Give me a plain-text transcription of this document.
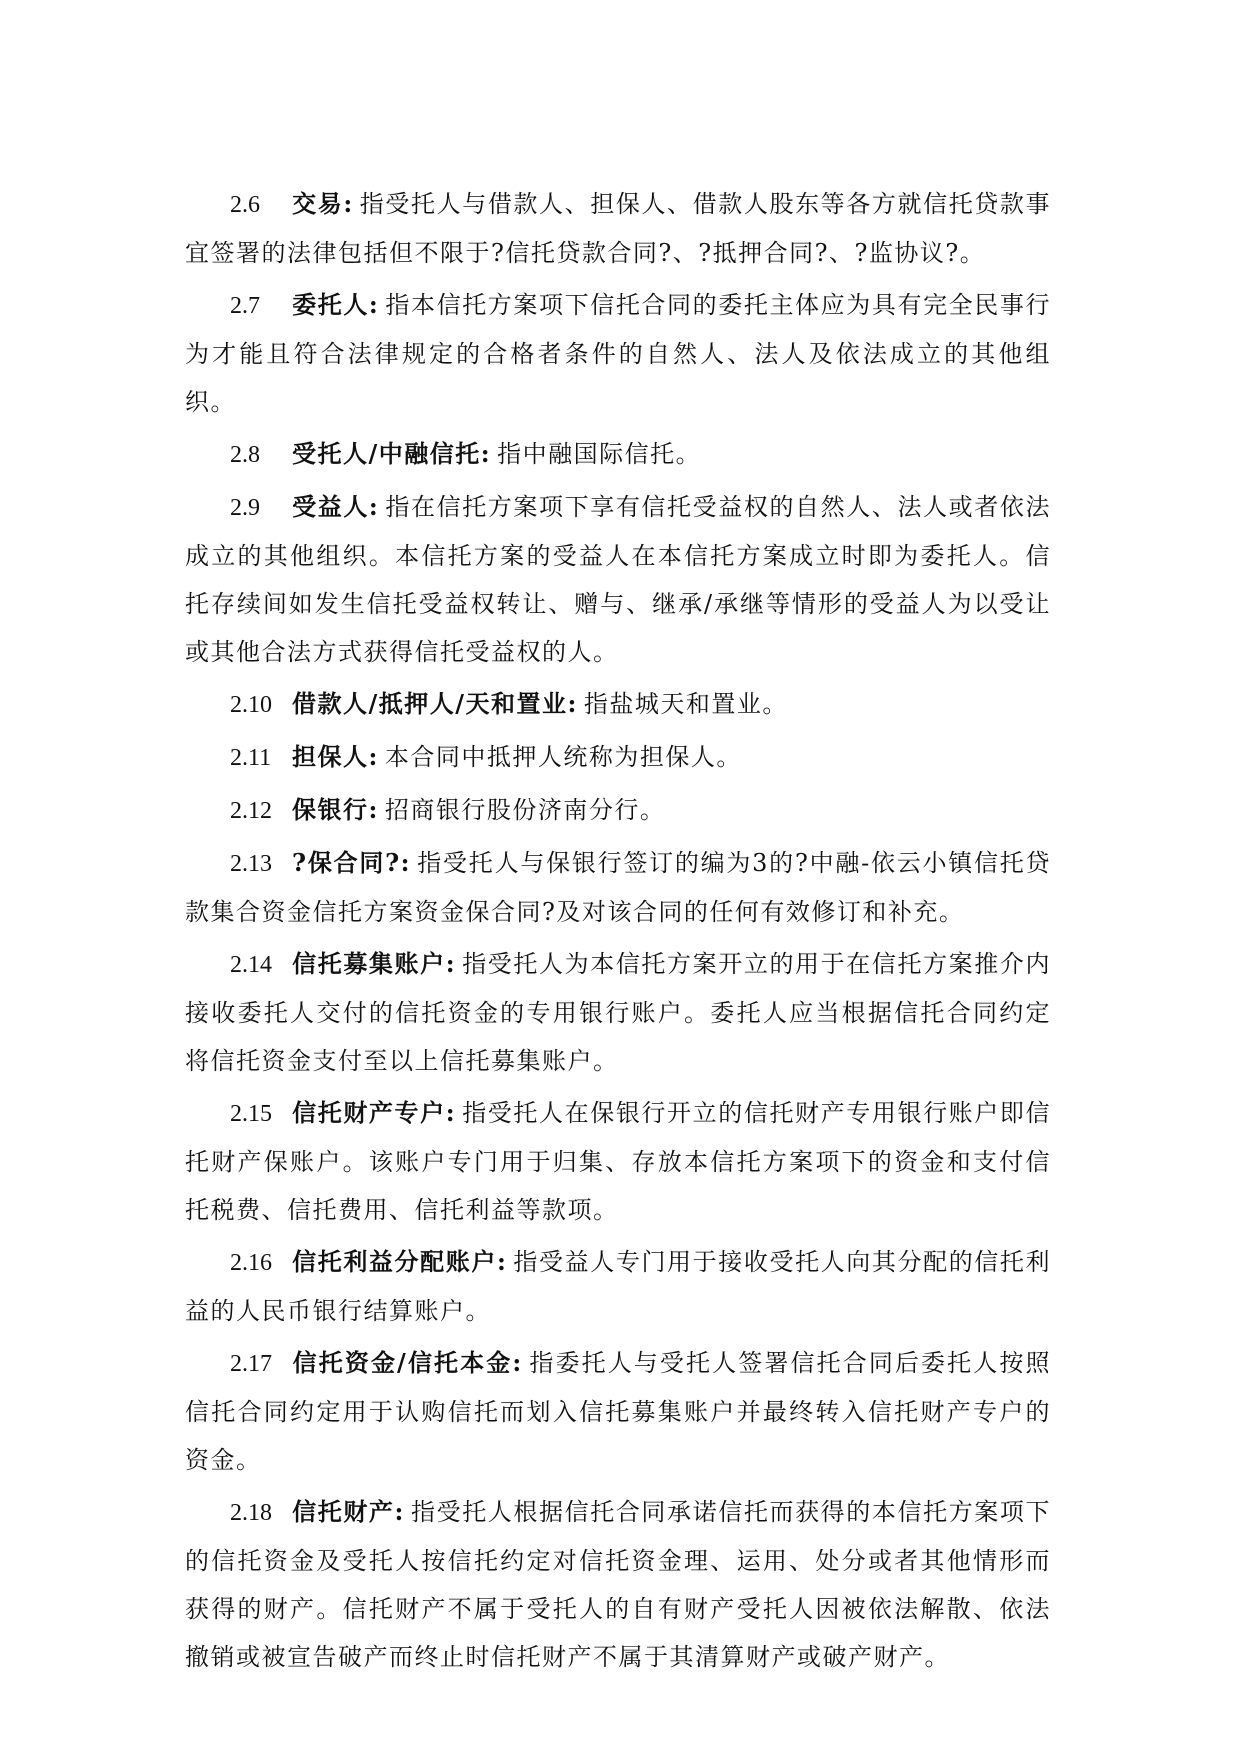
2.6 交易: 指受托人与借款人、担保人、借款人股东等各方就信托贷款事宜签署的法律包括但不限于?信托贷款合同?、?抵押合同?、?监协议?。

2.7 委托人: 指本信托方案项下信托合同的委托主体应为具有完全民事行为才能且符合法律规定的合格者条件的自然人、法人及依法成立的其他组织。

2.8 受托人/中融信托: 指中融国际信托。

2.9 受益人: 指在信托方案项下享有信托受益权的自然人、法人或者依法成立的其他组织。本信托方案的受益人在本信托方案成立时即为委托人。信托存续间如发生信托受益权转让、赠与、继承/承继等情形的受益人为以受让或其他合法方式获得信托受益权的人。

2.10 借款人/抵押人/天和置业: 指盐城天和置业。

2.11 担保人: 本合同中抵押人统称为担保人。

2.12 保银行: 招商银行股份济南分行。

2.13 ?保合同?: 指受托人与保银行签订的编为3的?中融-依云小镇信托贷款集合资金信托方案资金保合同?及对该合同的任何有效修订和补充。

2.14 信托募集账户: 指受托人为本信托方案开立的用于在信托方案推介内接收委托人交付的信托资金的专用银行账户。委托人应当根据信托合同约定将信托资金支付至以上信托募集账户。

2.15 信托财产专户: 指受托人在保银行开立的信托财产专用银行账户即信托财产保账户。该账户专门用于归集、存放本信托方案项下的资金和支付信托税费、信托费用、信托利益等款项。

2.16 信托利益分配账户: 指受益人专门用于接收受托人向其分配的信托利益的人民币银行结算账户。

2.17 信托资金/信托本金: 指委托人与受托人签署信托合同后委托人按照信托合同约定用于认购信托而划入信托募集账户并最终转入信托财产专户的资金。

2.18 信托财产: 指受托人根据信托合同承诺信托而获得的本信托方案项下的信托资金及受托人按信托约定对信托资金理、运用、处分或者其他情形而获得的财产。信托财产不属于受托人的自有财产受托人因被依法解散、依法撤销或被宣告破产而终止时信托财产不属于其清算财产或破产财产。
